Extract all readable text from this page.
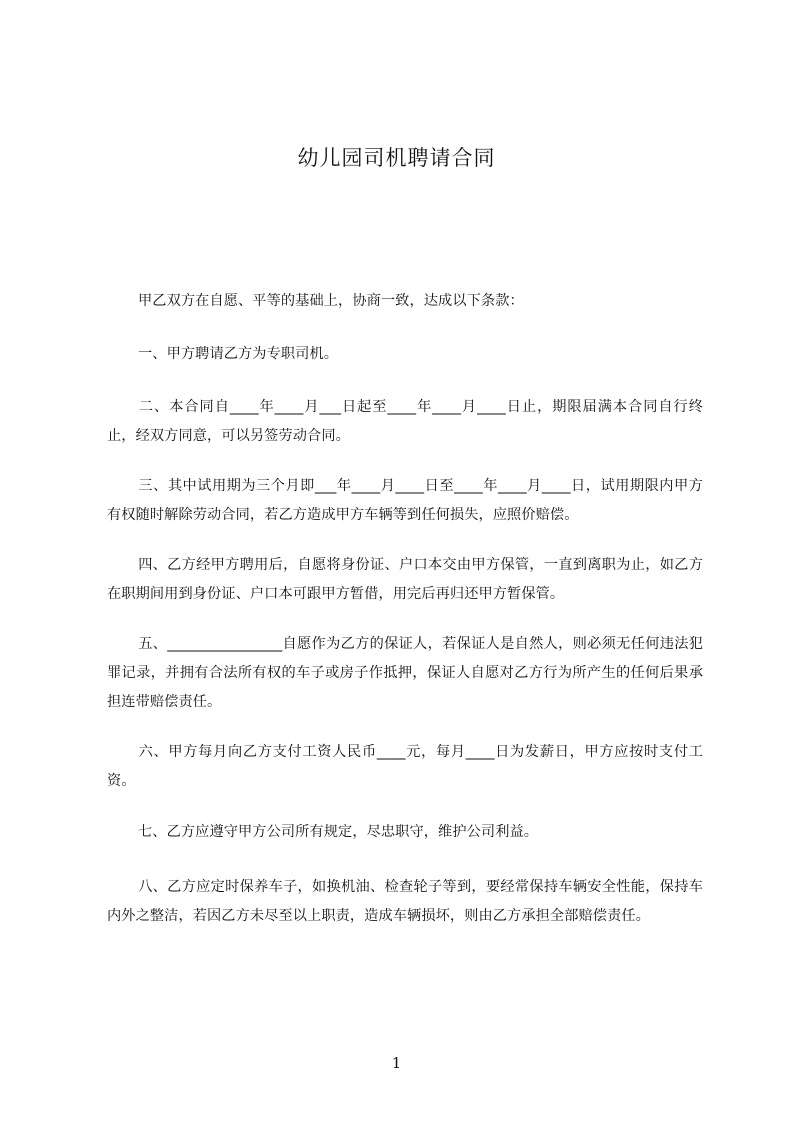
幼儿园司机聘请合同
甲乙双方在自愿、平等的基础上，协商一致，达成以下条款：
一、甲方聘请乙方为专职司机。
二、本合同自____年____月___日起至____年____月____日止，期限届满本合同自行终止，经双方同意，可以另签劳动合同。
三、其中试用期为三个月即___年____月____日至____年____月____日，试用期限内甲方有权随时解除劳动合同，若乙方造成甲方车辆等到任何损失，应照价赔偿。
四、乙方经甲方聘用后，自愿将身份证、户口本交由甲方保管，一直到离职为止，如乙方在职期间用到身份证、户口本可跟甲方暂借，用完后再归还甲方暂保管。
五、________________自愿作为乙方的保证人，若保证人是自然人，则必须无任何违法犯罪记录，并拥有合法所有权的车子或房子作抵押，保证人自愿对乙方行为所产生的任何后果承担连带赔偿责任。
六、甲方每月向乙方支付工资人民币____元，每月____日为发薪日，甲方应按时支付工资。
七、乙方应遵守甲方公司所有规定，尽忠职守，维护公司利益。
八、乙方应定时保养车子，如换机油、检查轮子等到，要经常保持车辆安全性能，保持车内外之整洁，若因乙方未尽至以上职责，造成车辆损坏，则由乙方承担全部赔偿责任。
1
